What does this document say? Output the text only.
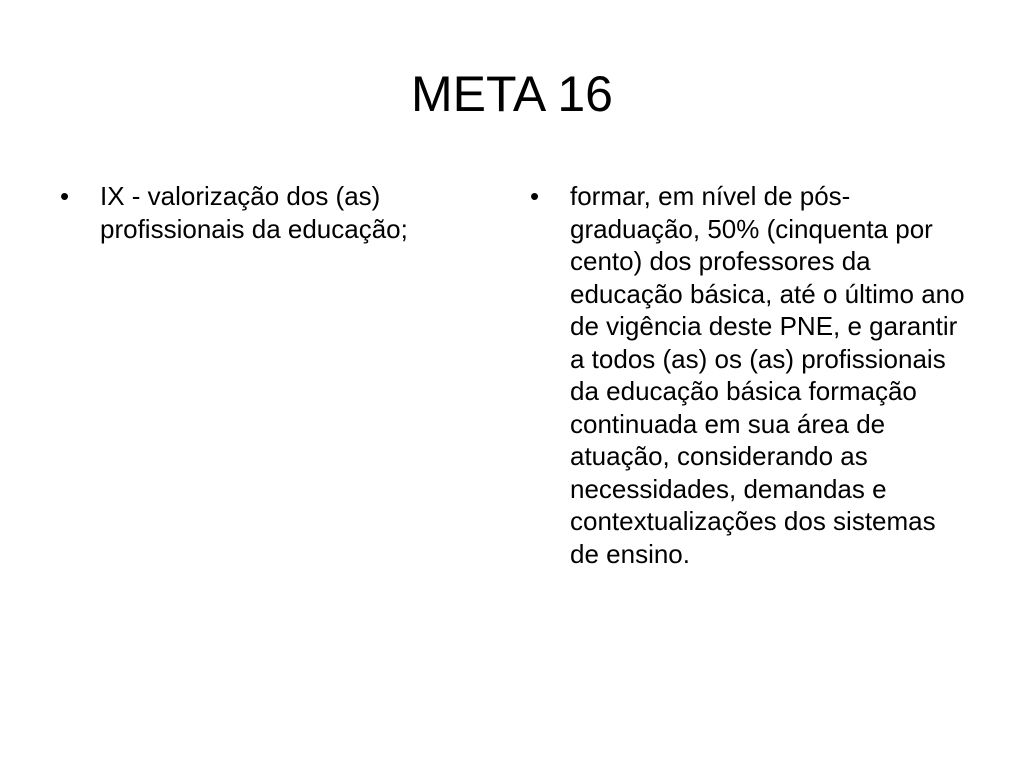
META 16
•	IX - valorização dos (as) profissionais da educação;
•	formar, em nível de pós-graduação, 50% (cinquenta por cento) dos professores da educação básica, até o último ano de vigência deste PNE, e garantir a todos (as) os (as) profissionais da educação básica formação continuada em sua área de atuação, considerando as necessidades, demandas e contextualizações dos sistemas de ensino.
